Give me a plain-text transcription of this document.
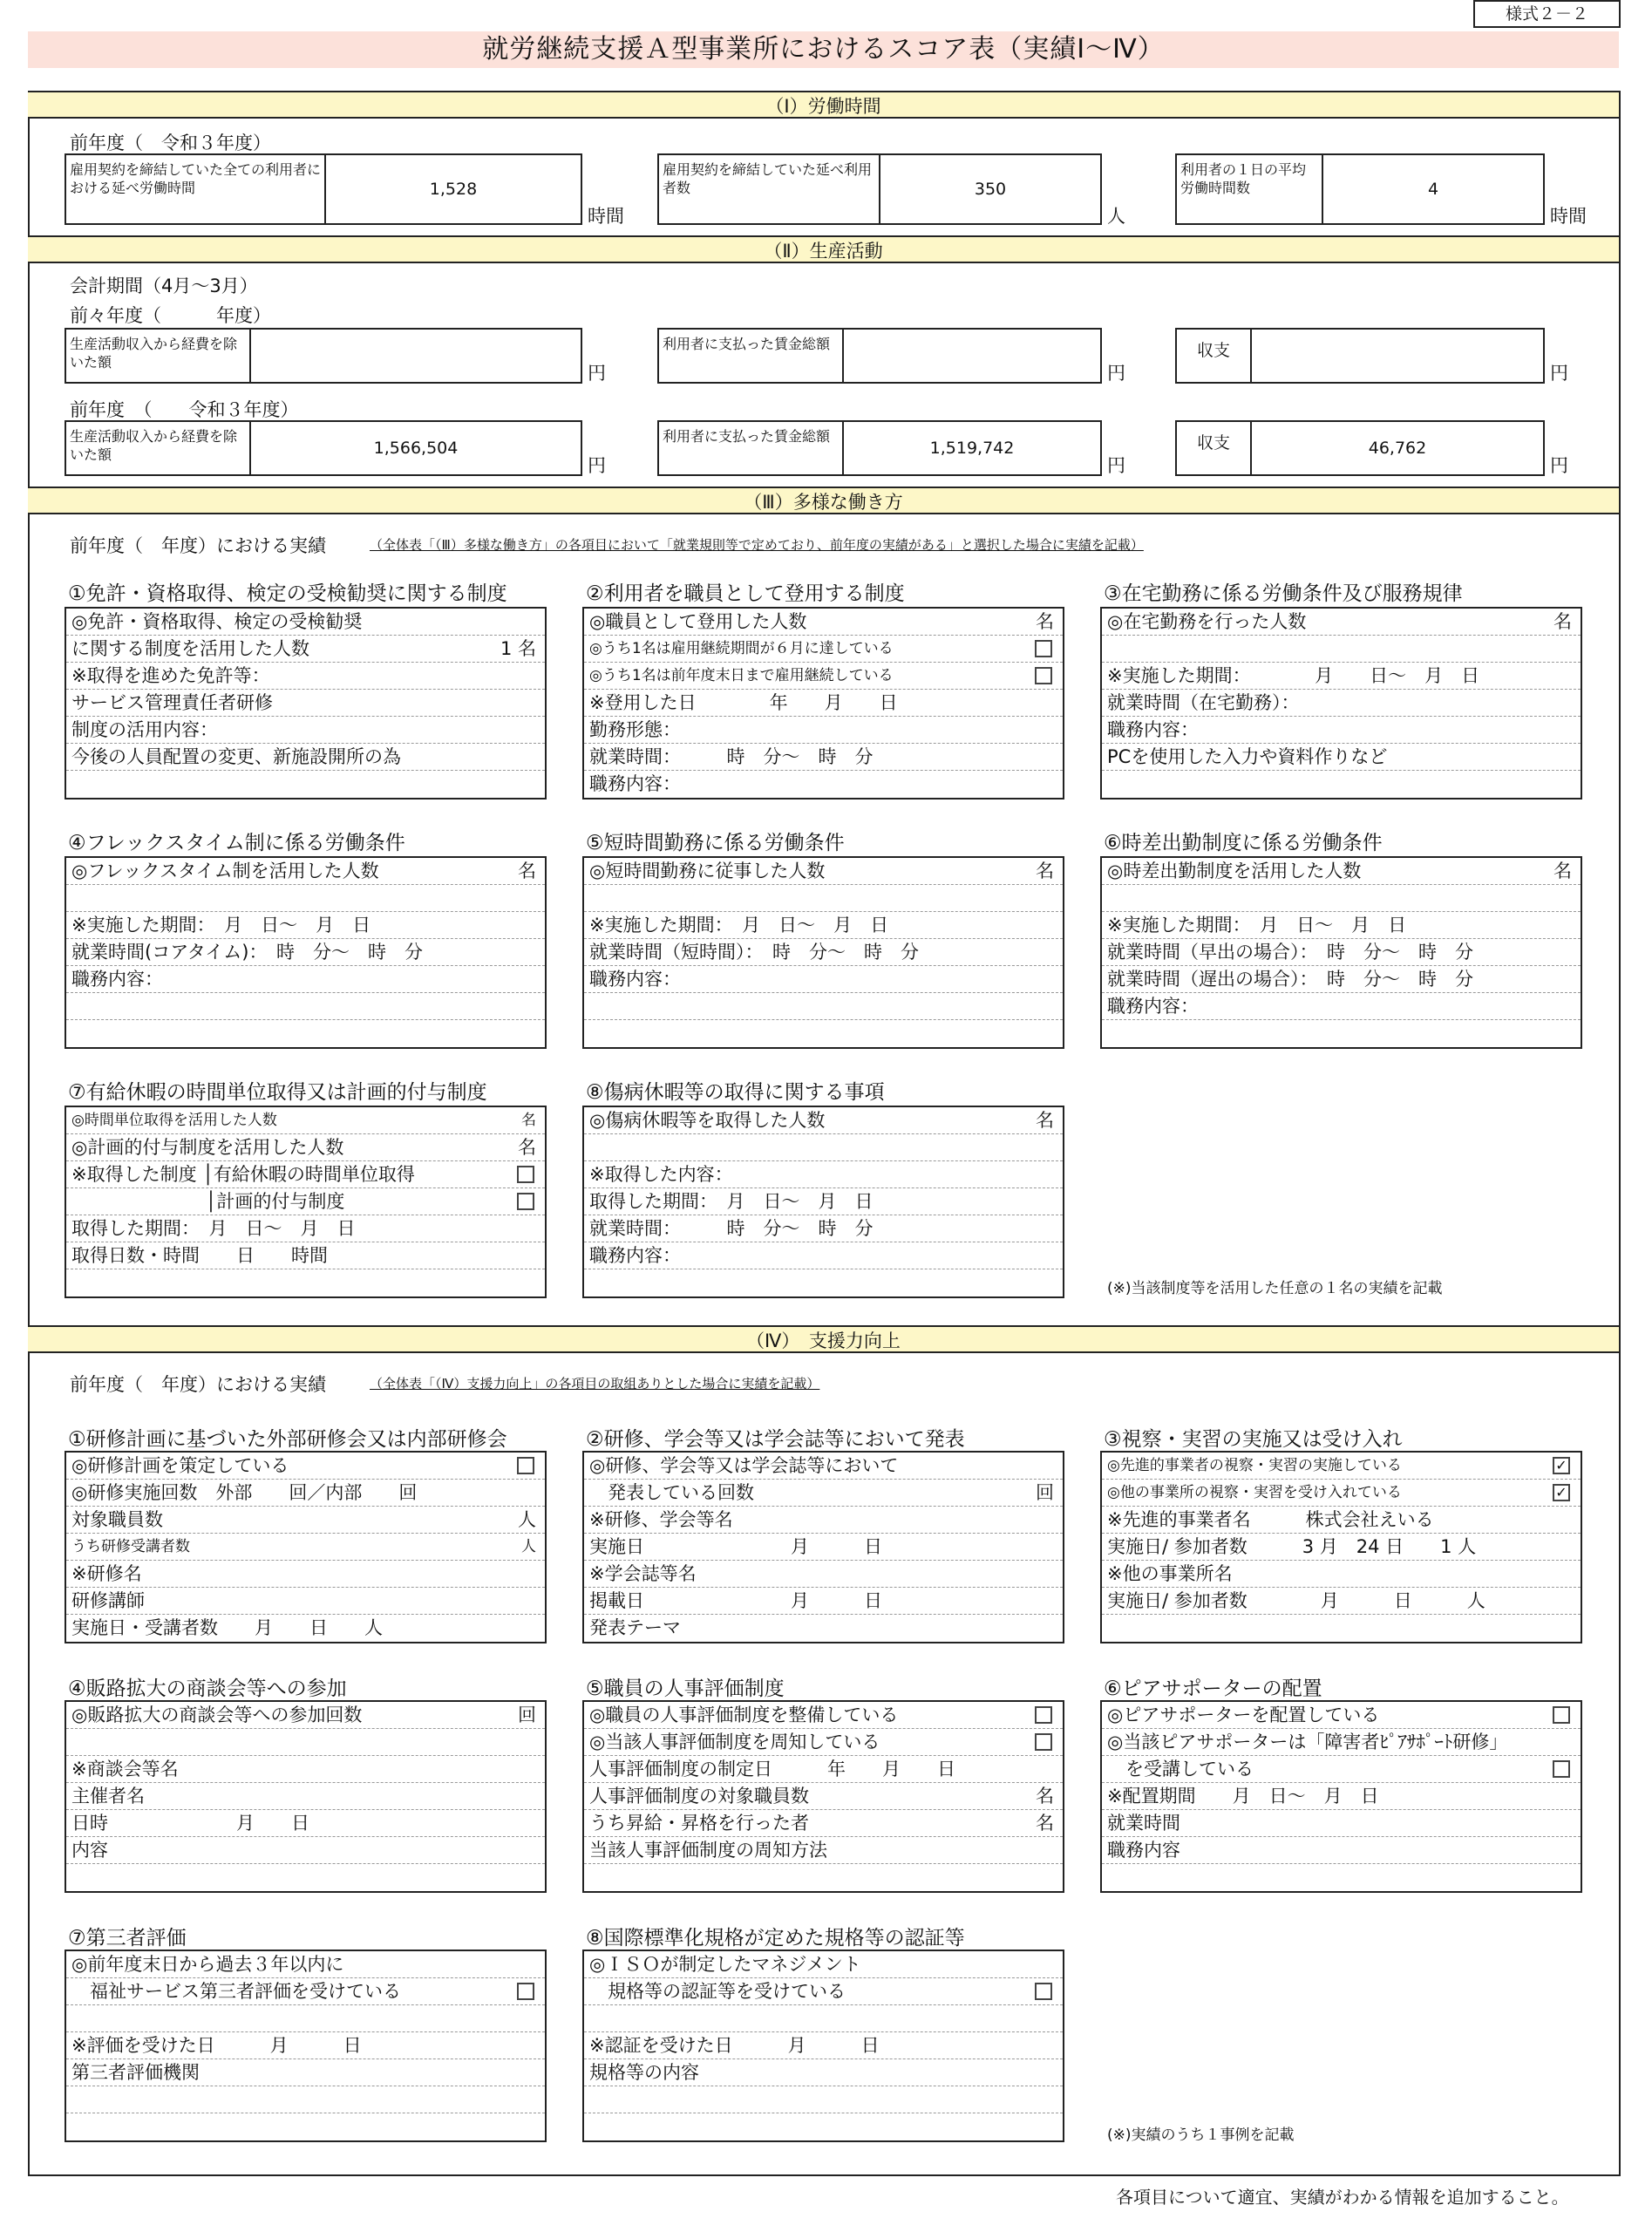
様式２－２
就労継続支援Ａ型事業所におけるスコア表（実績Ⅰ～Ⅳ）
（Ⅰ）労働時間
前年度（　令和３年度）
雇用契約を締結していた全ての利用者における延べ労働時間	1,528
時間
雇用契約を締結していた延べ利用者数	350
人
利用者の１日の平均労働時間数	4
時間
（Ⅱ）生産活動
会計期間（4月～3月）
前々年度（　　　年度）
生産活動収入から経費を除いた額
円
利用者に支払った賃金総額
円
収支
円
前年度　（　　令和３年度）
生産活動収入から経費を除いた額	1,566,504
円
利用者に支払った賃金総額
1,519,742
円
収支	46,762
円
（Ⅲ）多様な働き方
前年度（　年度）における実績	（全体表「（Ⅲ）多様な働き方」の各項目において「就業規則等で定めており、前年度の実績がある」と選択した場合に実績を記載）
①免許・資格取得、検定の受検勧奨に関する制度
◎免許・資格取得、検定の受検勧奨
に関する制度を活用した人数	1 名
※取得を進めた免許等：
サービス管理責任者研修
制度の活用内容：
今後の人員配置の変更、新施設開所の為
②利用者を職員として登用する制度
◎職員として登用した人数	名
◎うち1名は雇用継続期間が６月に達している
◎うち1名は前年度末日まで雇用継続している
※登用した日　　　　年　　月　　日
勤務形態：
就業時間：　　　時　分～　時　分
職務内容：
③在宅勤務に係る労働条件及び服務規律
◎在宅勤務を行った人数	名
※実施した期間：　　　　月　　日～　月　日
就業時間（在宅勤務）：
職務内容：
PCを使用した入力や資料作りなど
④フレックスタイム制に係る労働条件
◎フレックスタイム制を活用した人数	名
※実施した期間：　月　日～　月　日
就業時間(コアタイム)：　時　分～　時　分
職務内容：
⑤短時間勤務に係る労働条件
◎短時間勤務に従事した人数	名
※実施した期間：　月　日～　月　日
就業時間（短時間）：　時　分～　時　分
職務内容：
⑥時差出勤制度に係る労働条件
◎時差出勤制度を活用した人数	名
※実施した期間：　月　日～　月　日
就業時間（早出の場合）：　時　分～　時　分
就業時間（遅出の場合）：　時　分～　時　分
職務内容：
⑦有給休暇の時間単位取得又は計画的付与制度
◎時間単位取得を活用した人数	名
◎計画的付与制度を活用した人数	名
※取得した制度 │有給休暇の時間単位取得
　　　　　　　 │計画的付与制度
取得した期間：　月　日～　月　日
取得日数・時間　　日　　時間
⑧傷病休暇等の取得に関する事項
◎傷病休暇等を取得した人数	名
※取得した内容：
取得した期間：　月　日～　月　日
就業時間：　　　時　分～　時　分
職務内容：
(※)当該制度等を活用した任意の１名の実績を記載
（Ⅳ）　支援力向上
前年度（　年度）における実績	（全体表「（Ⅳ）支援力向上」の各項目の取組ありとした場合に実績を記載）
①研修計画に基づいた外部研修会又は内部研修会
◎研修計画を策定している
◎研修実施回数　外部　　回／内部　　回
対象職員数	人
うち研修受講者数	人
※研修名
研修講師
実施日・受講者数　　月　　日　　人
②研修、学会等又は学会誌等において発表
◎研修、学会等又は学会誌等において
　発表している回数	回
※研修、学会等名
実施日　　　　　　　　月　　　日
※学会誌等名
掲載日　　　　　　　　月　　　日
発表テーマ
③視察・実習の実施又は受け入れ
◎先進的事業者の視察・実習の実施している	✓
◎他の事業所の視察・実習を受け入れている	✓
※先進的事業者名　　　株式会社えいる
実施日/ 参加者数　　　3 月　24 日　　1 人
※他の事業所名
実施日/ 参加者数　　　　月　　　日　　　人
④販路拡大の商談会等への参加
◎販路拡大の商談会等への参加回数	回
※商談会等名
主催者名
日時　　　　　　　月　　日
内容
⑤職員の人事評価制度
◎職員の人事評価制度を整備している
◎当該人事評価制度を周知している
人事評価制度の制定日　　　年　　月　　日
人事評価制度の対象職員数	名
うち昇給・昇格を行った者	名
当該人事評価制度の周知方法
⑥ピアサポーターの配置
◎ピアサポーターを配置している
◎当該ピアサポーターは「障害者ﾋﾟｱｻﾎﾟｰﾄ研修」
　を受講している
※配置期間　　月　日～　月　日
就業時間
職務内容
⑦第三者評価
◎前年度末日から過去３年以内に
　福祉サービス第三者評価を受けている
※評価を受けた日　　　月　　　日
第三者評価機関
⑧国際標準化規格が定めた規格等の認証等
◎ＩＳＯが制定したマネジメント
　規格等の認証等を受けている
※認証を受けた日　　　月　　　日
規格等の内容
(※)実績のうち１事例を記載
各項目について適宜、実績がわかる情報を追加すること。
